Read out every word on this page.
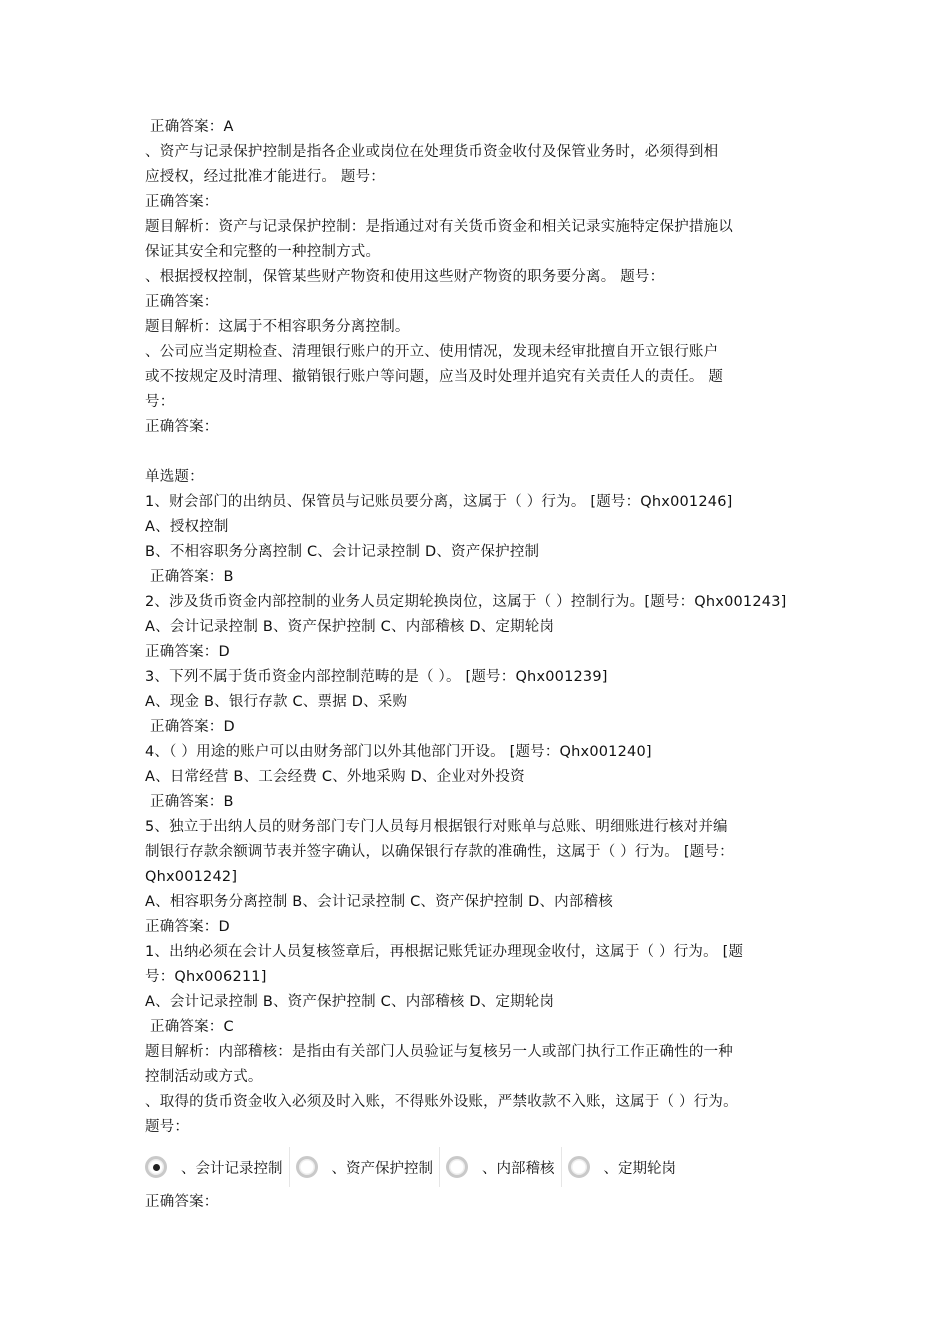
正确答案：A
、资产与记录保护控制是指各企业或岗位在处理货币资金收付及保管业务时，必须得到相
应授权，经过批准才能进行。 题号：
正确答案：
题目解析：资产与记录保护控制：是指通过对有关货币资金和相关记录实施特定保护措施以
保证其安全和完整的一种控制方式。
、根据授权控制，保管某些财产物资和使用这些财产物资的职务要分离。 题号：
正确答案：
题目解析：这属于不相容职务分离控制。
、公司应当定期检查、清理银行账户的开立、使用情况，发现未经审批擅自开立银行账户
或不按规定及时清理、撤销银行账户等问题，应当及时处理并追究有关责任人的责任。 题
号：
正确答案：
单选题：
1、财会部门的出纳员、保管员与记账员要分离，这属于（ ）行为。 [题号：Qhx001246]
A、授权控制
B、不相容职务分离控制 C、会计记录控制 D、资产保护控制
正确答案：B
2、涉及货币资金内部控制的业务人员定期轮换岗位，这属于（ ）控制行为。[题号：Qhx001243]
A、会计记录控制 B、资产保护控制 C、内部稽核 D、定期轮岗
正确答案：D
3、下列不属于货币资金内部控制范畴的是（ ）。 [题号：Qhx001239]
A、现金 B、银行存款 C、票据 D、采购
正确答案：D
4、（ ）用途的账户可以由财务部门以外其他部门开设。 [题号：Qhx001240]
A、日常经营 B、工会经费 C、外地采购 D、企业对外投资
正确答案：B
5、独立于出纳人员的财务部门专门人员每月根据银行对账单与总账、明细账进行核对并编
制银行存款余额调节表并签字确认，以确保银行存款的准确性，这属于（ ）行为。 [题号：
Qhx001242]
A、相容职务分离控制 B、会计记录控制 C、资产保护控制 D、内部稽核
正确答案：D
1、出纳必须在会计人员复核签章后，再根据记账凭证办理现金收付，这属于（ ）行为。 [题
号：Qhx006211]
A、会计记录控制 B、资产保护控制 C、内部稽核 D、定期轮岗
正确答案：C
题目解析：内部稽核：是指由有关部门人员验证与复核另一人或部门执行工作正确性的一种
控制活动或方式。
、取得的货币资金收入必须及时入账，不得账外设账，严禁收款不入账，这属于（ ）行为。
题号：
、会计记录控制	、资产保护控制	、内部稽核	、定期轮岗
正确答案：
